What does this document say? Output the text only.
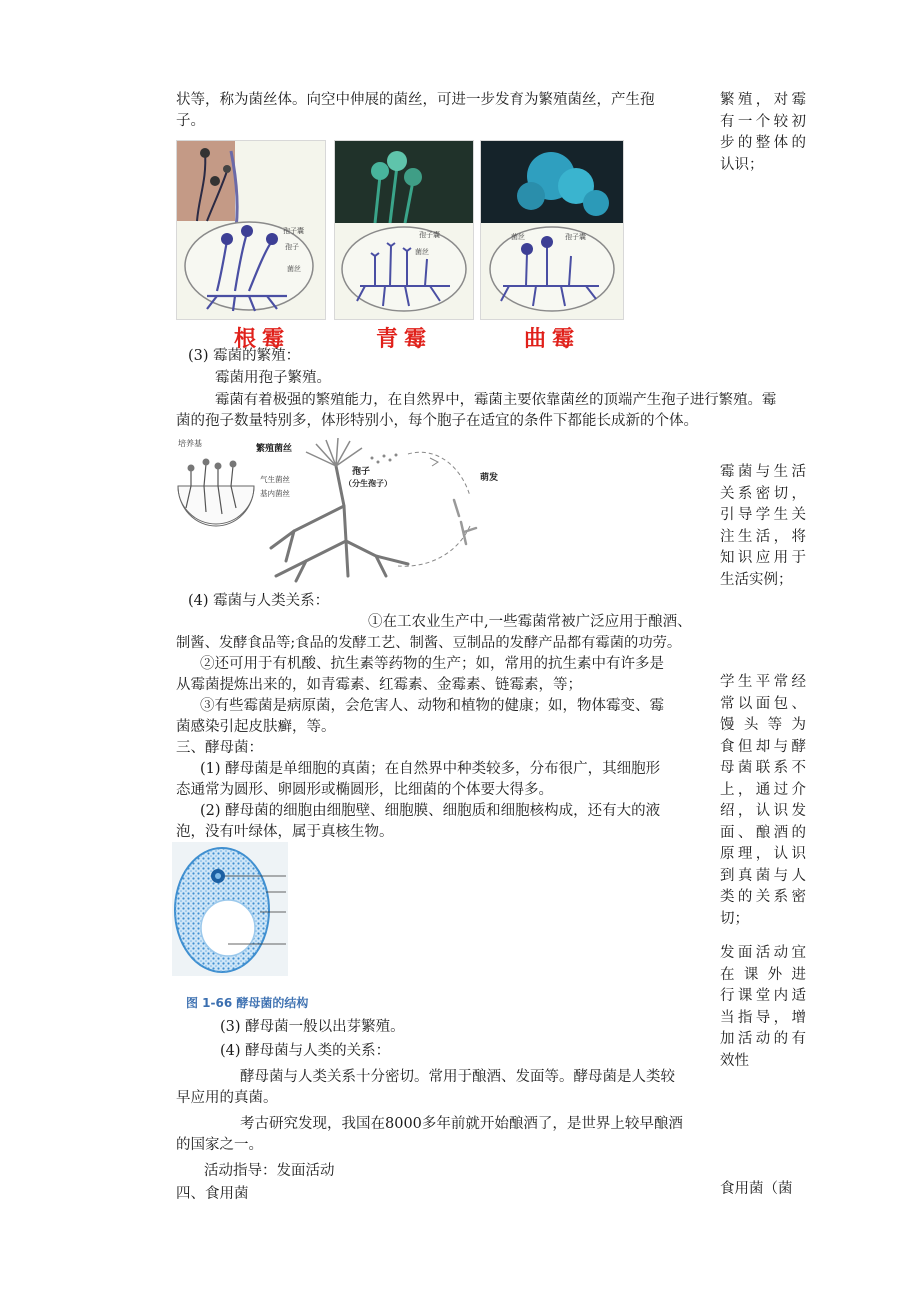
状等，称为菌丝体。向空中伸展的菌丝，可进一步发育为繁殖菌丝，产生孢
子。
孢子囊
孢子
菌丝
孢子囊
菌丝
菌丝	孢子囊
根霉	青霉	曲霉
(3) 霉菌的繁殖：
霉菌用孢子繁殖。
霉菌有着极强的繁殖能力，在自然界中，霉菌主要依靠菌丝的顶端产生孢子进行繁殖。霉
菌的孢子数量特别多，体形特别小，每个胞子在适宜的条件下都能长成新的个体。
培养基
繁殖菌丝
气生菌丝
基内菌丝
孢子
（分生孢子）
萌发
(4) 霉菌与人类关系：
①在工农业生产中,一些霉菌常被广泛应用于酿酒、
制酱、发酵食品等;食品的发酵工艺、制酱、豆制品的发酵产品都有霉菌的功劳。
②还可用于有机酸、抗生素等药物的生产；如，常用的抗生素中有许多是
从霉菌提炼出来的，如青霉素、红霉素、金霉素、链霉素，等；
③有些霉菌是病原菌，会危害人、动物和植物的健康；如，物体霉变、霉
菌感染引起皮肤癣，等。
三、酵母菌：
(1) 酵母菌是单细胞的真菌；在自然界中种类较多，分布很广，其细胞形
态通常为圆形、卵圆形或椭圆形，比细菌的个体要大得多。
(2) 酵母菌的细胞由细胞壁、细胞膜、细胞质和细胞核构成，还有大的液
泡，没有叶绿体，属于真核生物。
图 1-66 酵母菌的结构
(3) 酵母菌一般以出芽繁殖。
(4) 酵母菌与人类的关系：
酵母菌与人类关系十分密切。常用于酿酒、发面等。酵母菌是人类较
早应用的真菌。
考古研究发现，我国在8000多年前就开始酿酒了，是世界上较早酿酒
的国家之一。
活动指导：发面活动
四、食用菌
繁殖，对霉
有一个较初
步的整体的
认识；
霉菌与生活
关系密切，
引导学生关
注生活，将
知识应用于
生活实例；
学生平常经
常以面包、
馒头等为
食但却与酵
母菌联系不
上，通过介
绍，认识发
面、酿酒的
原理，认识
到真菌与人
类的关系密
切；
发面活动宜
在课外进
行课堂内适
当指导，增
加活动的有
效性
食用菌（菌
